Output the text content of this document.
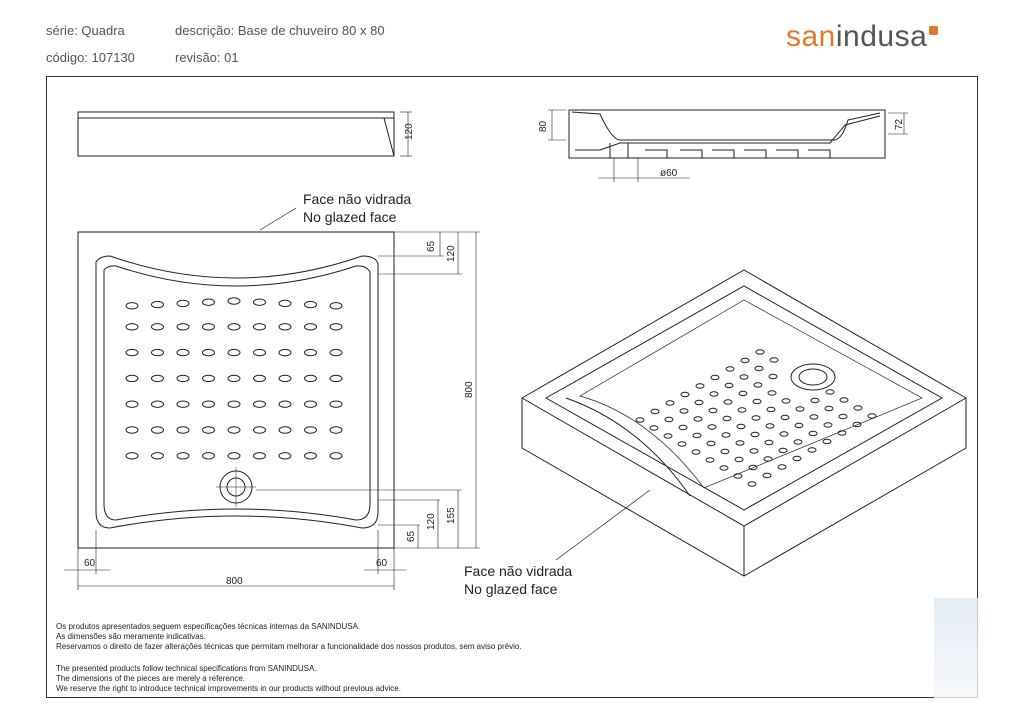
série: Quadra	descrição: Base de chuveiro 80 x 80
código: 107130	revisão: 01
sanindusa
120	80	72
ø60
65 120
800
155
120
65
60	60
800
Face não vidrada
No glazed face
Face não vidrada
No glazed face
Os produtos apresentados seguem especificações técnicas internas da SANINDUSA.
As dimensões são meramente indicativas.
Reservamos o direito de fazer alterações técnicas que permitam melhorar a funcionalidade dos nossos produtos, sem aviso prévio.
The presented products follow technical specifications from SANINDUSA.
The dimensions of the pieces are merely a reference.
We reserve the right to introduce technical improvements in our products without previous advice.
